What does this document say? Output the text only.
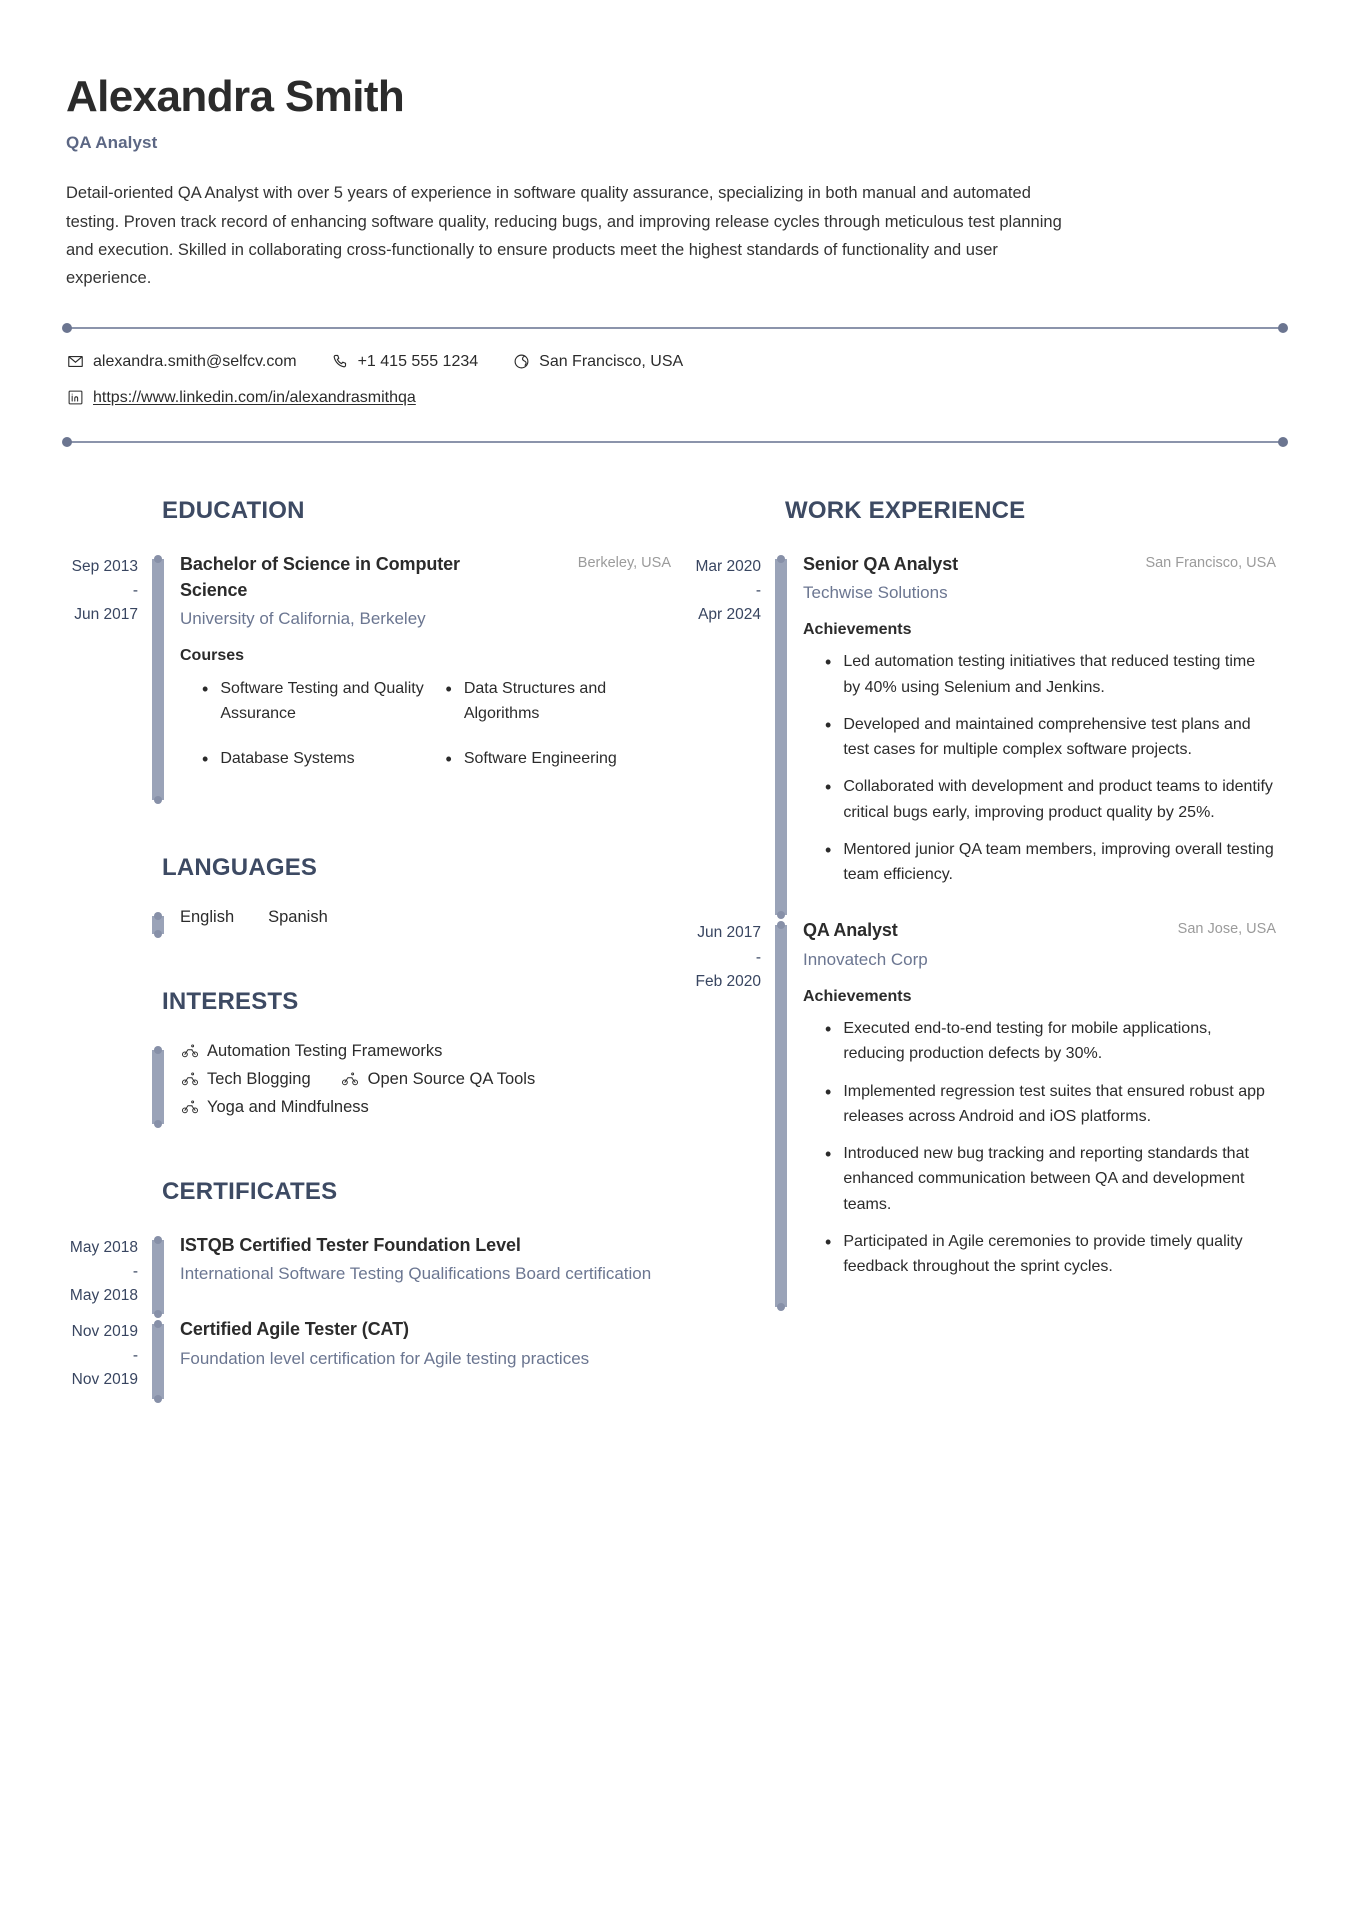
Alexandra Smith
QA Analyst

Detail-oriented QA Analyst with over 5 years of experience in software quality assurance, specializing in both manual and automated testing. Proven track record of enhancing software quality, reducing bugs, and improving release cycles through meticulous test planning and execution. Skilled in collaborating cross-functionally to ensure products meet the highest standards of functionality and user experience.

alexandra.smith@selfcv.com	+1 415 555 1234	San Francisco, USA
https://www.linkedin.com/in/alexandrasmithqa
EDUCATION
Sep 2013
-
Jun 2017
Bachelor of Science in Computer Science
Berkeley, USA
University of California, Berkeley
Courses
• Software Testing and Quality Assurance
• Data Structures and Algorithms
• Database Systems	• Software Engineering
LANGUAGES
English Spanish
INTERESTS
Automation Testing Frameworks
Tech Blogging	Open Source QA Tools
Yoga and Mindfulness
CERTIFICATES
May 2018
-
May 2018
ISTQB Certified Tester Foundation Level
International Software Testing Qualifications Board certification
Nov 2019
-
Nov 2019
Certified Agile Tester (CAT)
Foundation level certification for Agile testing practices
WORK EXPERIENCE
Mar 2020
-
Apr 2024
Senior QA Analyst	San Francisco, USA
Techwise Solutions
Achievements
• Led automation testing initiatives that reduced testing time by 40% using Selenium and Jenkins.
• Developed and maintained comprehensive test plans and test cases for multiple complex software projects.
• Collaborated with development and product teams to identify critical bugs early, improving product quality by 25%.
• Mentored junior QA team members, improving overall testing team efficiency.
Jun 2017
-
Feb 2020
QA Analyst	San Jose, USA
Innovatech Corp
Achievements
• Executed end-to-end testing for mobile applications, reducing production defects by 30%.
• Implemented regression test suites that ensured robust app releases across Android and iOS platforms.
• Introduced new bug tracking and reporting standards that enhanced communication between QA and development teams.
• Participated in Agile ceremonies to provide timely quality feedback throughout the sprint cycles.
